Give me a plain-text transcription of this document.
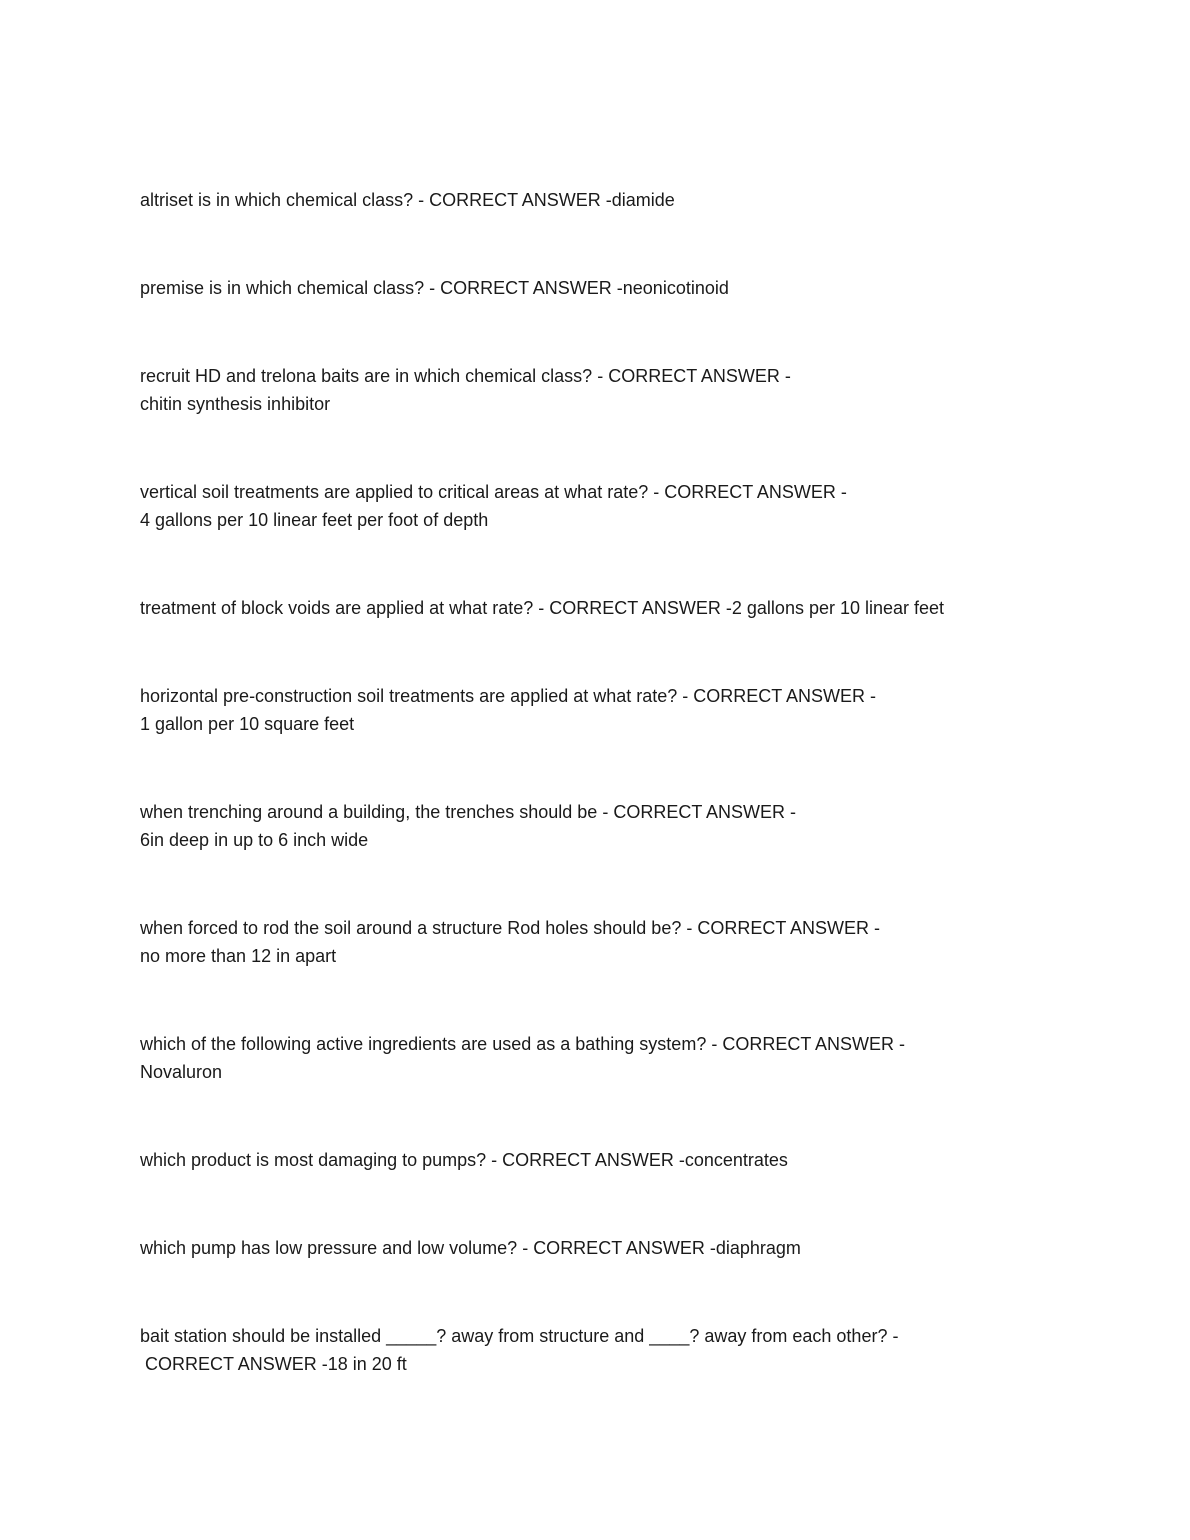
altriset is in which chemical class? - CORRECT ANSWER -diamide
premise is in which chemical class? - CORRECT ANSWER -neonicotinoid
recruit HD and trelona baits are in which chemical class? - CORRECT ANSWER -
chitin synthesis inhibitor
vertical soil treatments are applied to critical areas at what rate? - CORRECT ANSWER -
4 gallons per 10 linear feet per foot of depth
treatment of block voids are applied at what rate? - CORRECT ANSWER -2 gallons per 10 linear feet
horizontal pre-construction soil treatments are applied at what rate? - CORRECT ANSWER -
1 gallon per 10 square feet
when trenching around a building, the trenches should be - CORRECT ANSWER -
6in deep in up to 6 inch wide
when forced to rod the soil around a structure Rod holes should be? - CORRECT ANSWER -
no more than 12 in apart
which of the following active ingredients are used as a bathing system? - CORRECT ANSWER -
Novaluron
which product is most damaging to pumps? - CORRECT ANSWER -concentrates
which pump has low pressure and low volume? - CORRECT ANSWER -diaphragm
bait station should be installed _____? away from structure and ____? away from each other? -
CORRECT ANSWER -18 in 20 ft
